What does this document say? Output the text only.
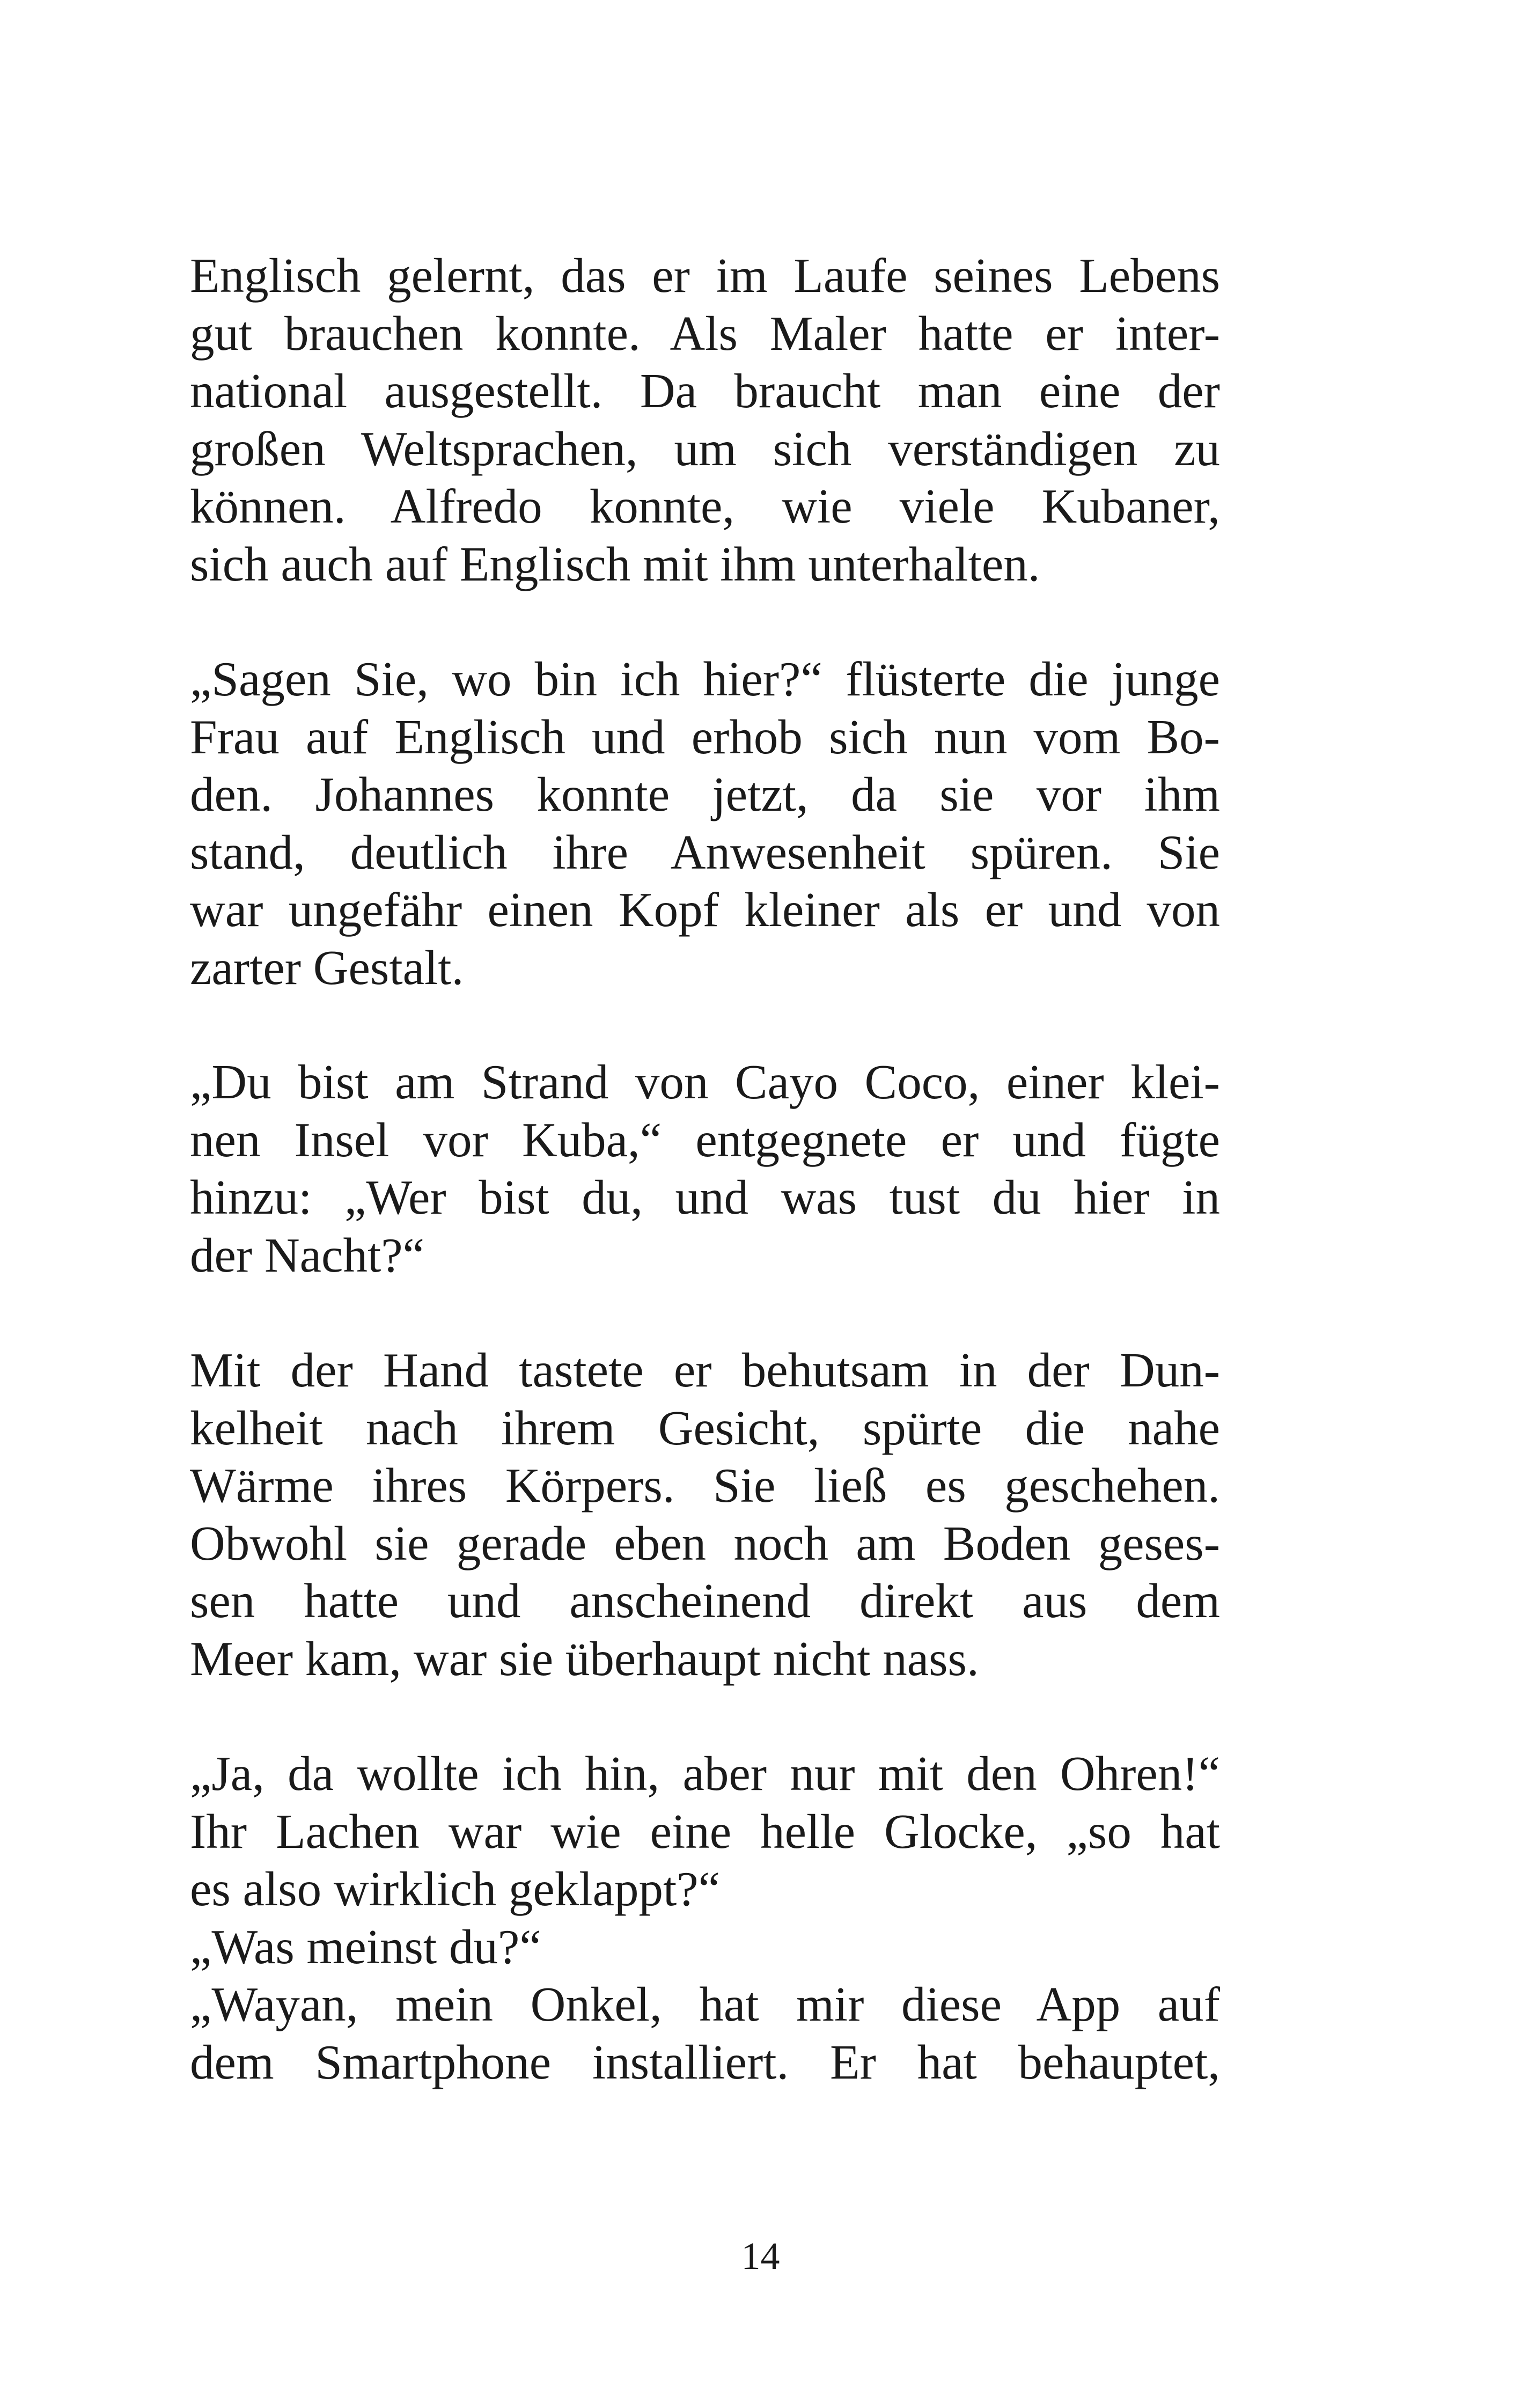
Englisch gelernt, das er im Laufe seines Lebens
gut brauchen konnte. Als Maler hatte er inter-
national ausgestellt. Da braucht man eine der
großen Weltsprachen, um sich verständigen zu
können. Alfredo konnte, wie viele Kubaner,
sich auch auf Englisch mit ihm unterhalten.
„Sagen Sie, wo bin ich hier?“ flüsterte die junge
Frau auf Englisch und erhob sich nun vom Bo-
den. Johannes konnte jetzt, da sie vor ihm
stand, deutlich ihre Anwesenheit spüren. Sie
war ungefähr einen Kopf kleiner als er und von
zarter Gestalt.
„Du bist am Strand von Cayo Coco, einer klei-
nen Insel vor Kuba,“ entgegnete er und fügte
hinzu: „Wer bist du, und was tust du hier in
der Nacht?“
Mit der Hand tastete er behutsam in der Dun-
kelheit nach ihrem Gesicht, spürte die nahe
Wärme ihres Körpers. Sie ließ es geschehen.
Obwohl sie gerade eben noch am Boden geses-
sen hatte und anscheinend direkt aus dem
Meer kam, war sie überhaupt nicht nass.
„Ja, da wollte ich hin, aber nur mit den Ohren!“
Ihr Lachen war wie eine helle Glocke, „so hat
es also wirklich geklappt?“
„Was meinst du?“
„Wayan, mein Onkel, hat mir diese App auf
dem Smartphone installiert. Er hat behauptet,
14
